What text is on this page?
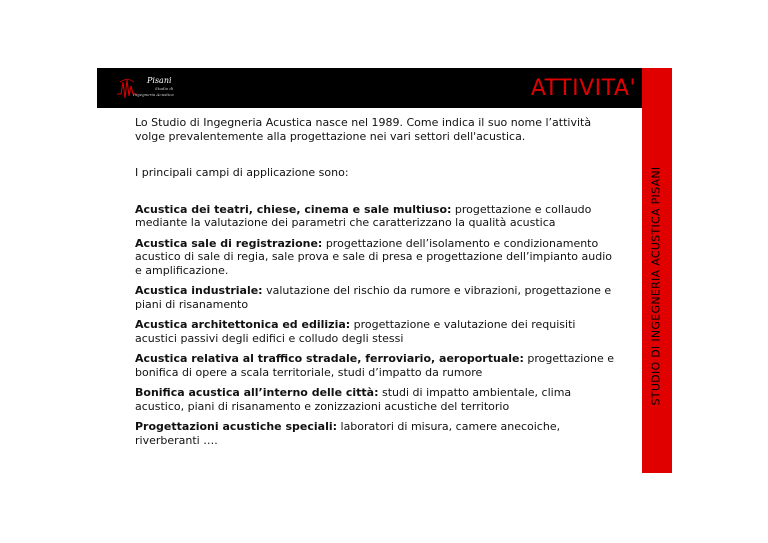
Pisani
Studio di
Ingegneria Acustica	ATTIVITA'
STUDIO DI INGEGNERIA ACUSTICA PISANI

Lo Studio di Ingegneria Acustica nasce nel 1989. Come indica il suo nome l’attività volge prevalentemente alla progettazione nei vari settori dell'acustica.

I principali campi di applicazione sono:

Acustica dei teatri, chiese, cinema e sale multiuso: progettazione e collaudo mediante la valutazione dei parametri che caratterizzano la qualità acustica

Acustica sale di registrazione: progettazione dell’isolamento e condizionamento acustico di sale di regia, sale prova e sale di presa e progettazione dell’impianto audio e amplificazione.

Acustica industriale: valutazione del rischio da rumore e vibrazioni, progettazione e piani di risanamento

Acustica architettonica ed edilizia: progettazione e valutazione dei requisiti acustici passivi degli edifici e colludo degli stessi

Acustica relativa al traffico stradale, ferroviario, aeroportuale: progettazione e bonifica di opere a scala territoriale, studi d’impatto da rumore

Bonifica acustica all’interno delle città: studi di impatto ambientale, clima acustico, piani di risanamento e zonizzazioni acustiche del territorio

Progettazioni acustiche speciali: laboratori di misura, camere anecoiche, riverberanti ….
